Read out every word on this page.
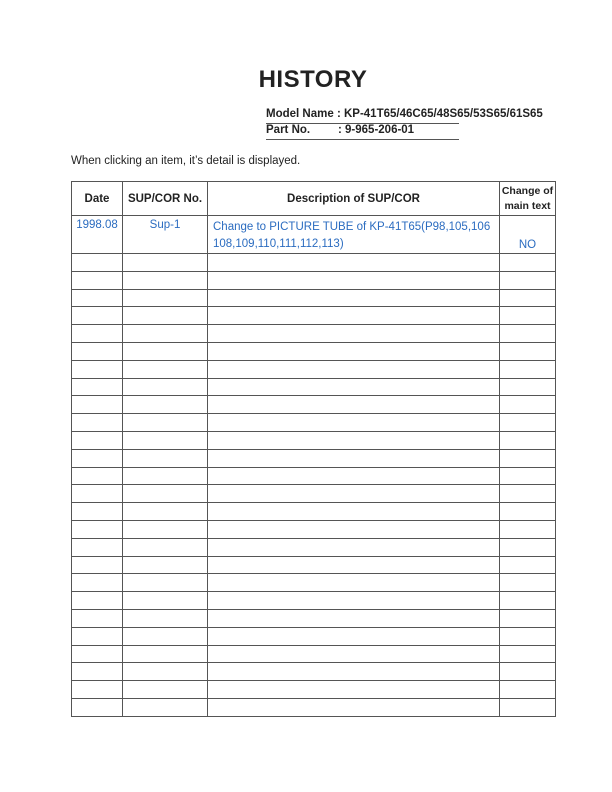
HISTORY
Model Name : KP-41T65/46C65/48S65/53S65/61S65
Part No. : 9-965-206-01
When clicking an item, it’s detail is displayed.
Date	SUP/COR No.	Description of SUP/COR	Change of
main text
1998.08	Sup-1	Change to PICTURE TUBE of KP-41T65(P98,105,106
108,109,110,111,112,113)	NO
